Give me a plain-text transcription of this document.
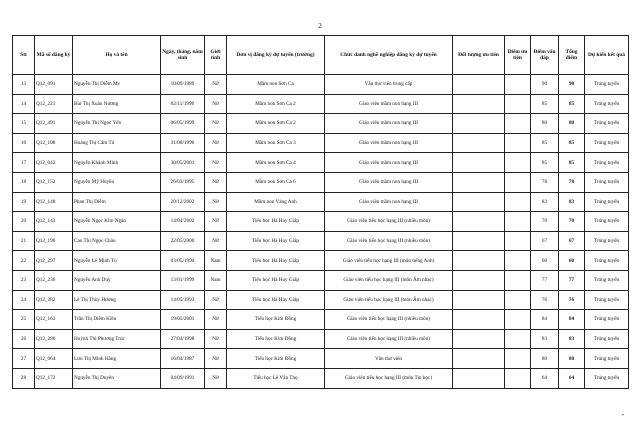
2
Stt	Mã số đăng ký	Họ và tên	Ngày, tháng, năm sinh	Giới tính	Đơn vị đăng ký dự tuyển (trường)	Chức danh nghề nghiệp đăng ký dự tuyển	Đối tượng ưu tiên	Điểm ưu tiên	Điểm vấn đáp	Tổng điểm	Dự kiến kết quả
13	Q12_091	Nguyễn Thị Diễm My	10/09/1989	Nữ	Mầm non Sơn Ca	Văn thư viên trung cấp			90	90	Trúng tuyển
14	Q12_221	Bùi Thị Xuân Nương	02/11/1996	Nữ	Mầm non Sơn Ca 2	Giáo viên mầm non hạng III			85	85	Trúng tuyển
15	Q12_491	Nguyễn Thị Ngọc Yến	06/05/1999	Nữ	Mầm non Sơn Ca 2	Giáo viên mầm non hạng III			80	80	Trúng tuyển
16	Q12_108	Hoàng Thị Cẩm Tú	31/08/1996	Nữ	Mầm non Sơn Ca 3	Giáo viên mầm non hạng III			85	85	Trúng tuyển
17	Q12_042	Nguyễn Khánh Minh	30/05/2001	Nữ	Mầm non Sơn Ca 4	Giáo viên mầm non hạng III			85	85	Trúng tuyển
18	Q12_152	Nguyễn Mỹ Huyền	26/03/1995	Nữ	Mầm non Sơn Ca 6	Giáo viên mầm non hạng III			78	78	Trúng tuyển
19	Q12_148	Phan Thị Diễm	20/12/2002	Nữ	Mầm non Vàng Anh	Giáo viên mầm non hạng III			83	83	Trúng tuyển
20	Q12_143	Nguyễn Ngọc Kim Ngân	14/04/2002	Nữ	Tiểu học Hà Huy Giáp	Giáo viên tiểu học hạng III (nhiều môn)			70	70	Trúng tuyển
21	Q12_196	Cao Thị Ngọc Châu	22/05/2000	Nữ	Tiểu học Hà Huy Giáp	Giáo viên tiểu học hạng III (nhiều môn)			67	67	Trúng tuyển
22	Q12_297	Nguyễn Lê Minh Tú	03/05/1994	Nam	Tiểu học Hà Huy Giáp	Giáo viên tiểu học hạng III (môn tiếng Anh)			60	60	Trúng tuyển
23	Q12_236	Nguyễn Anh Duy	13/01/1999	Nam	Tiểu học Hà Huy Giáp	Giáo viên tiểu học hạng III (môn Âm nhạc)			77	77	Trúng tuyển
24	Q12_282	Lê Thị Thùy Hương	14/05/1993	Nữ	Tiểu học Hà Huy Giáp	Giáo viên tiểu học hạng III (môn Âm nhạc)			76	76	Trúng tuyển
25	Q12_163	Trần Thị Diễm Kiều	19/05/2001	Nữ	Tiểu học Kim Đồng	Giáo viên tiểu học hạng III (nhiều môn)			84	84	Trúng tuyển
26	Q12_286	Huỳnh Thị Phương Trúc	27/04/1998	Nữ	Tiểu học Kim Đồng	Giáo viên tiểu học hạng III (nhiều môn)			83	83	Trúng tuyển
27	Q12_064	Lưu Thị Minh Hằng	16/04/1987	Nữ	Tiểu học Kim Đồng	Văn thư viên			80	80	Trúng tuyển
28	Q12_172	Nguyễn Thị Duyên	04/09/1991	Nữ	Tiểu học Lê Văn Thọ	Giáo viên tiểu học hạng III (môn Tin học)			64	64	Trúng tuyển
•
